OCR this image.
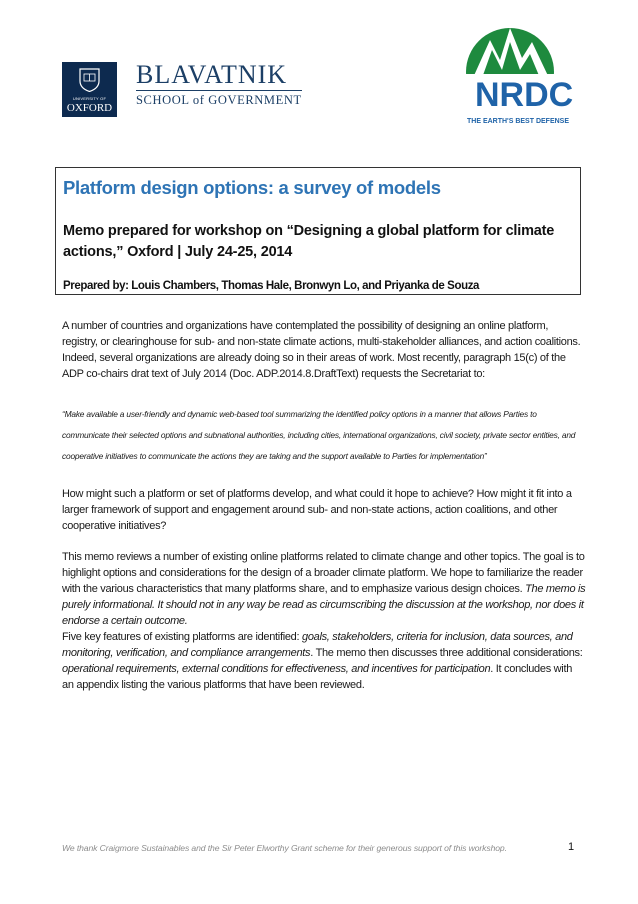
UNIVERSITY OF
OXFORD
BLAVATNIK
SCHOOL of GOVERNMENT	NRDC
THE EARTH'S BEST DEFENSE
Platform design options: a survey of models
Memo prepared for workshop on “Designing a global platform for climate actions,” Oxford | July 24-25, 2014
Prepared by: Louis Chambers, Thomas Hale, Bronwyn Lo, and Priyanka de Souza
A number of countries and organizations have contemplated the possibility of designing an online platform, registry, or clearinghouse for sub- and non-state climate actions, multi-stakeholder alliances, and action coalitions. Indeed, several organizations are already doing so in their areas of work. Most recently, paragraph 15(c) of the ADP co-chairs drat text of July 2014 (Doc. ADP.2014.8.DraftText) requests the Secretariat to:
“Make available a user-friendly and dynamic web-based tool summarizing the identified policy options in a manner that allows Parties to communicate their selected options and subnational authorities, including cities, international organizations, civil society, private sector entities, and cooperative initiatives to communicate the actions they are taking and the support available to Parties for implementation”
How might such a platform or set of platforms develop, and what could it hope to achieve? How might it fit into a larger framework of support and engagement around sub- and non-state actions, action coalitions, and other cooperative initiatives?
This memo reviews a number of existing online platforms related to climate change and other topics. The goal is to highlight options and considerations for the design of a broader climate platform. We hope to familiarize the reader with the various characteristics that many platforms share, and to emphasize various design choices. The memo is purely informational. It should not in any way be read as circumscribing the discussion at the workshop, nor does it endorse a certain outcome.
Five key features of existing platforms are identified: goals, stakeholders, criteria for inclusion, data sources, and monitoring, verification, and compliance arrangements. The memo then discusses three additional considerations: operational requirements, external conditions for effectiveness, and incentives for participation. It concludes with an appendix listing the various platforms that have been reviewed.
We thank Craigmore Sustainables and the Sir Peter Elworthy Grant scheme for their generous support of this workshop.	1
